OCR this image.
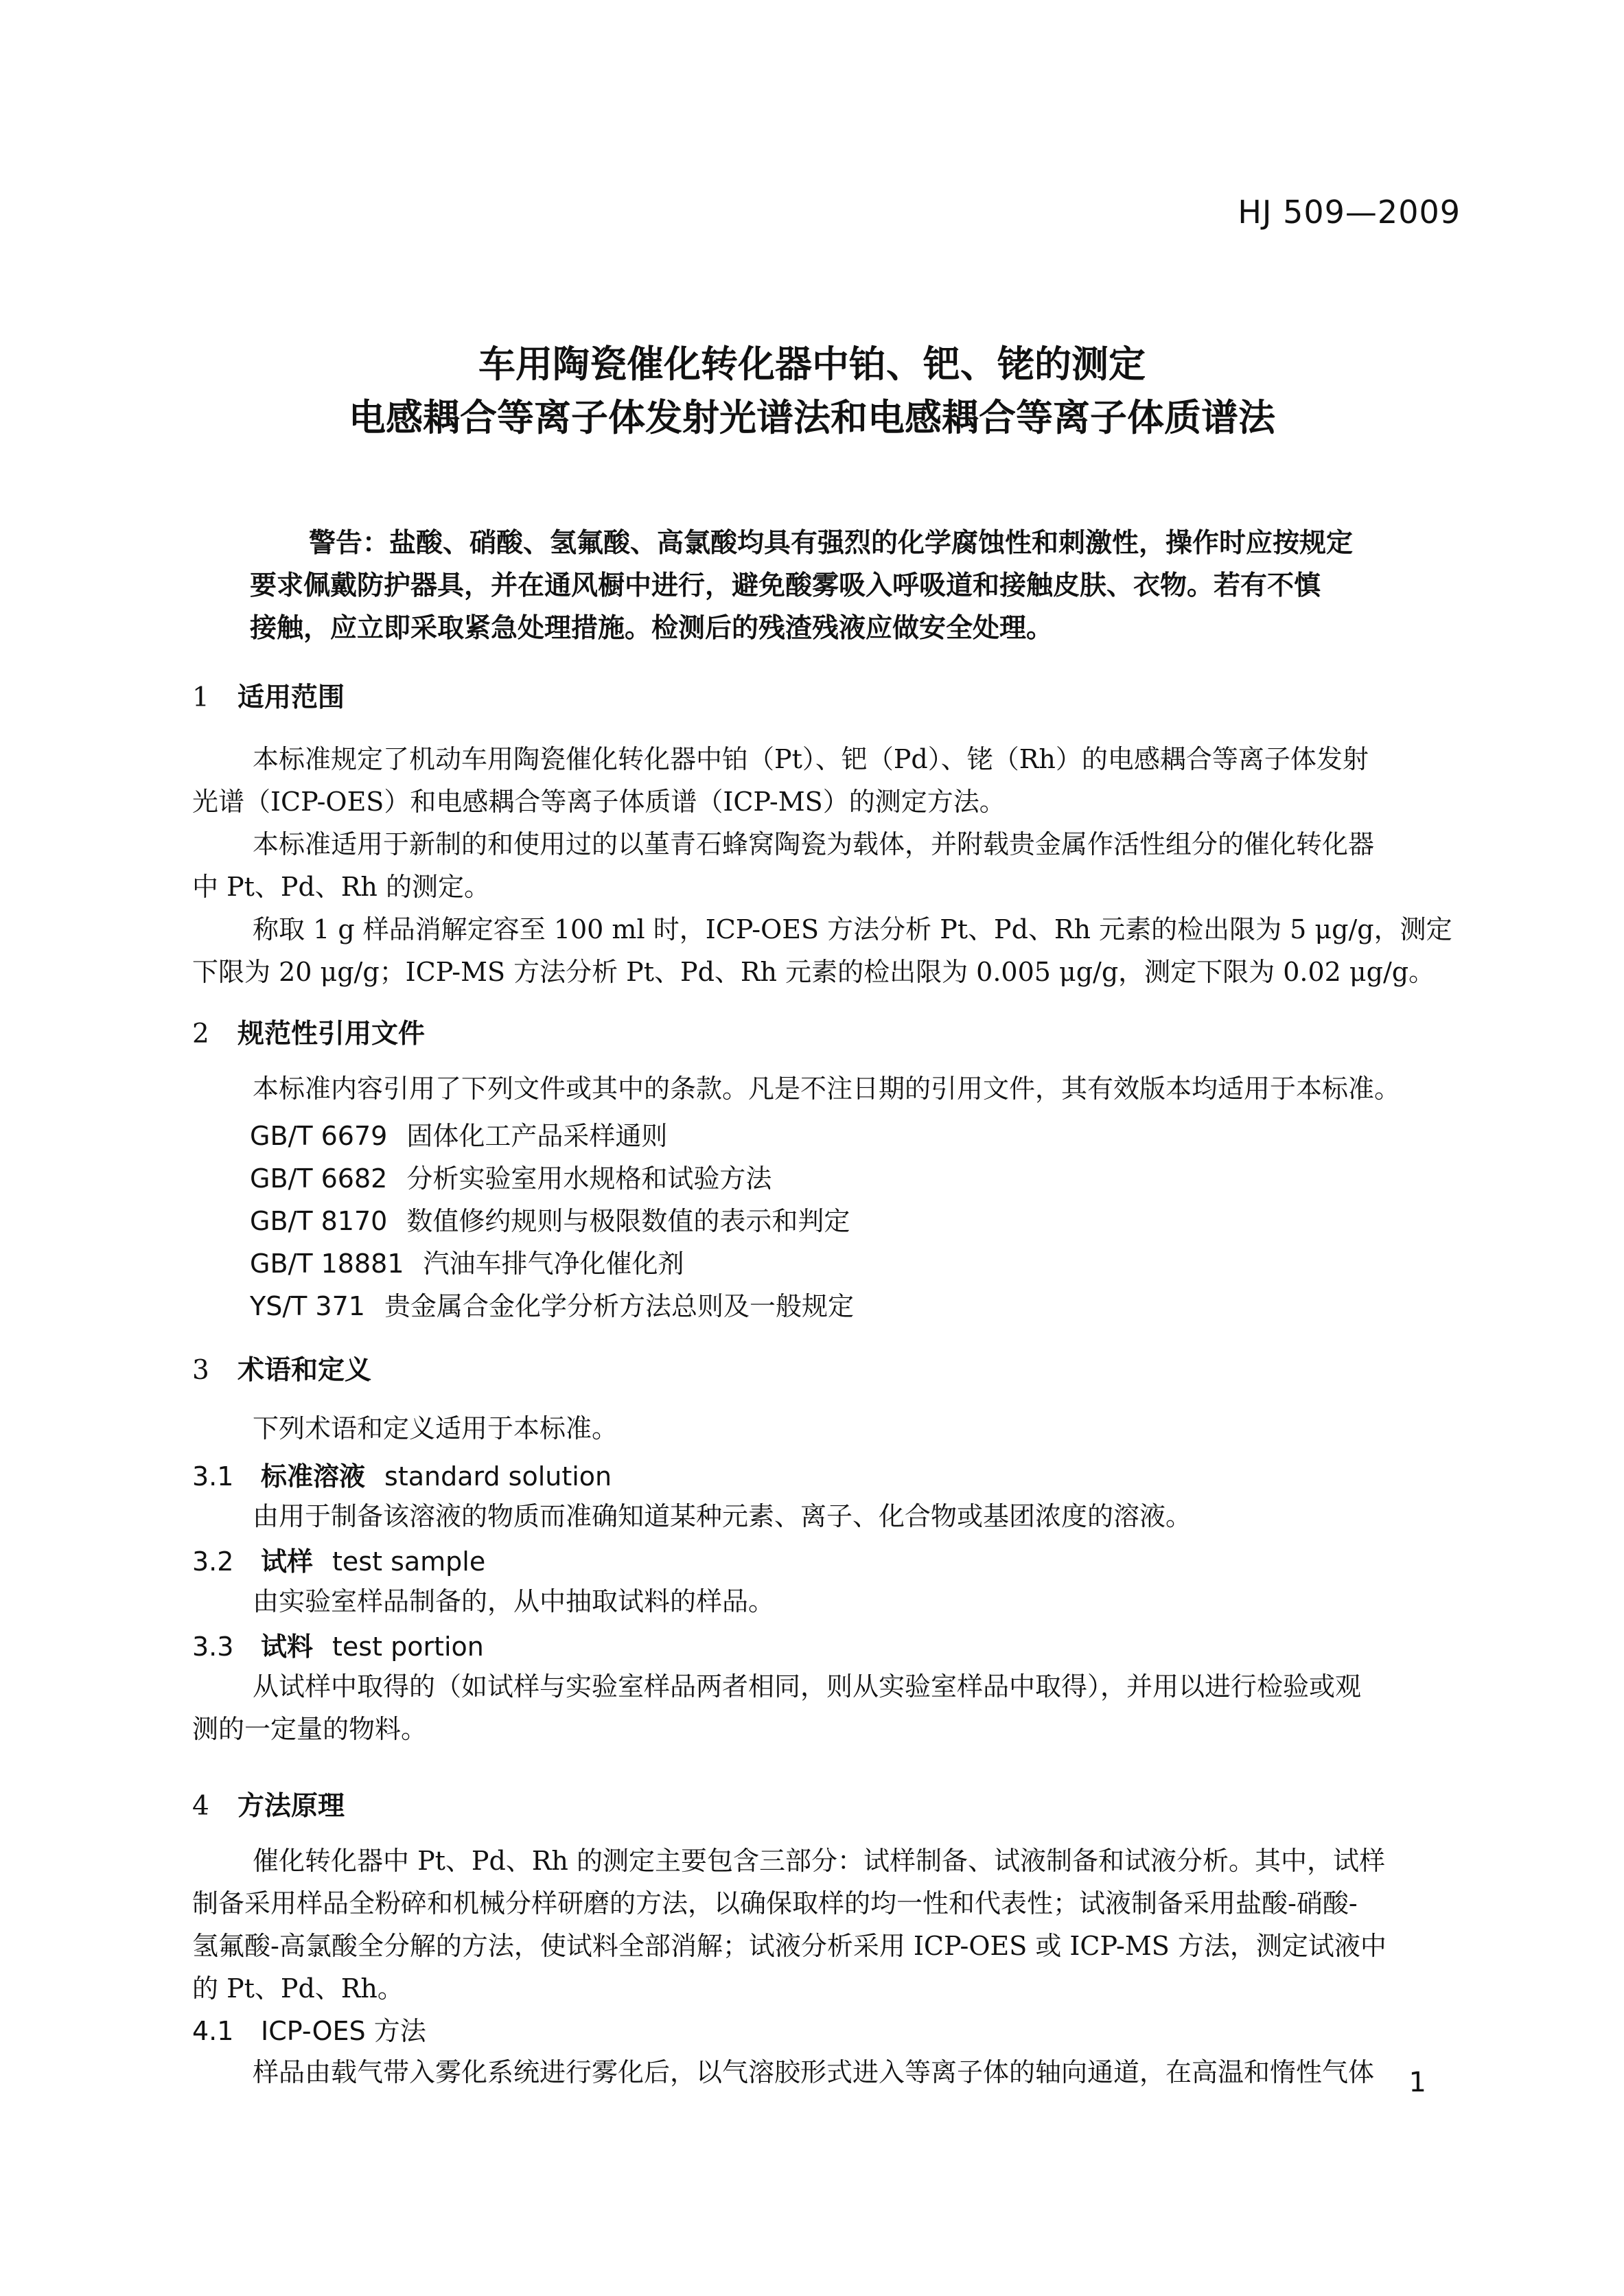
HJ 509—2009
车用陶瓷催化转化器中铂、钯、铑的测定
电感耦合等离子体发射光谱法和电感耦合等离子体质谱法
警告：盐酸、硝酸、氢氟酸、高氯酸均具有强烈的化学腐蚀性和刺激性，操作时应按规定
要求佩戴防护器具，并在通风橱中进行，避免酸雾吸入呼吸道和接触皮肤、衣物。若有不慎
接触，应立即采取紧急处理措施。检测后的残渣残液应做安全处理。
1 适用范围
本标准规定了机动车用陶瓷催化转化器中铂（Pt）、钯（Pd）、铑（Rh）的电感耦合等离子体发射
光谱（ICP-OES）和电感耦合等离子体质谱（ICP-MS）的测定方法。
本标准适用于新制的和使用过的以堇青石蜂窝陶瓷为载体，并附载贵金属作活性组分的催化转化器
中 Pt、Pd、Rh 的测定。
称取 1 g 样品消解定容至 100 ml 时，ICP-OES 方法分析 Pt、Pd、Rh 元素的检出限为 5 μg/g，测定
下限为 20 μg/g；ICP-MS 方法分析 Pt、Pd、Rh 元素的检出限为 0.005 μg/g，测定下限为 0.02 μg/g。
2 规范性引用文件
本标准内容引用了下列文件或其中的条款。凡是不注日期的引用文件，其有效版本均适用于本标准。
GB/T 6679 固体化工产品采样通则
GB/T 6682 分析实验室用水规格和试验方法
GB/T 8170 数值修约规则与极限数值的表示和判定
GB/T 18881 汽油车排气净化催化剂
YS/T 371 贵金属合金化学分析方法总则及一般规定
3 术语和定义
下列术语和定义适用于本标准。
3.1 标准溶液 standard solution
由用于制备该溶液的物质而准确知道某种元素、离子、化合物或基团浓度的溶液。
3.2 试样 test sample
由实验室样品制备的，从中抽取试料的样品。
3.3 试料 test portion
从试样中取得的（如试样与实验室样品两者相同，则从实验室样品中取得），并用以进行检验或观
测的一定量的物料。
4 方法原理
催化转化器中 Pt、Pd、Rh 的测定主要包含三部分：试样制备、试液制备和试液分析。其中，试样
制备采用样品全粉碎和机械分样研磨的方法，以确保取样的均一性和代表性；试液制备采用盐酸-硝酸-
氢氟酸-高氯酸全分解的方法，使试料全部消解；试液分析采用 ICP-OES 或 ICP-MS 方法，测定试液中
的 Pt、Pd、Rh。
4.1 ICP-OES 方法
样品由载气带入雾化系统进行雾化后，以气溶胶形式进入等离子体的轴向通道，在高温和惰性气体	1
